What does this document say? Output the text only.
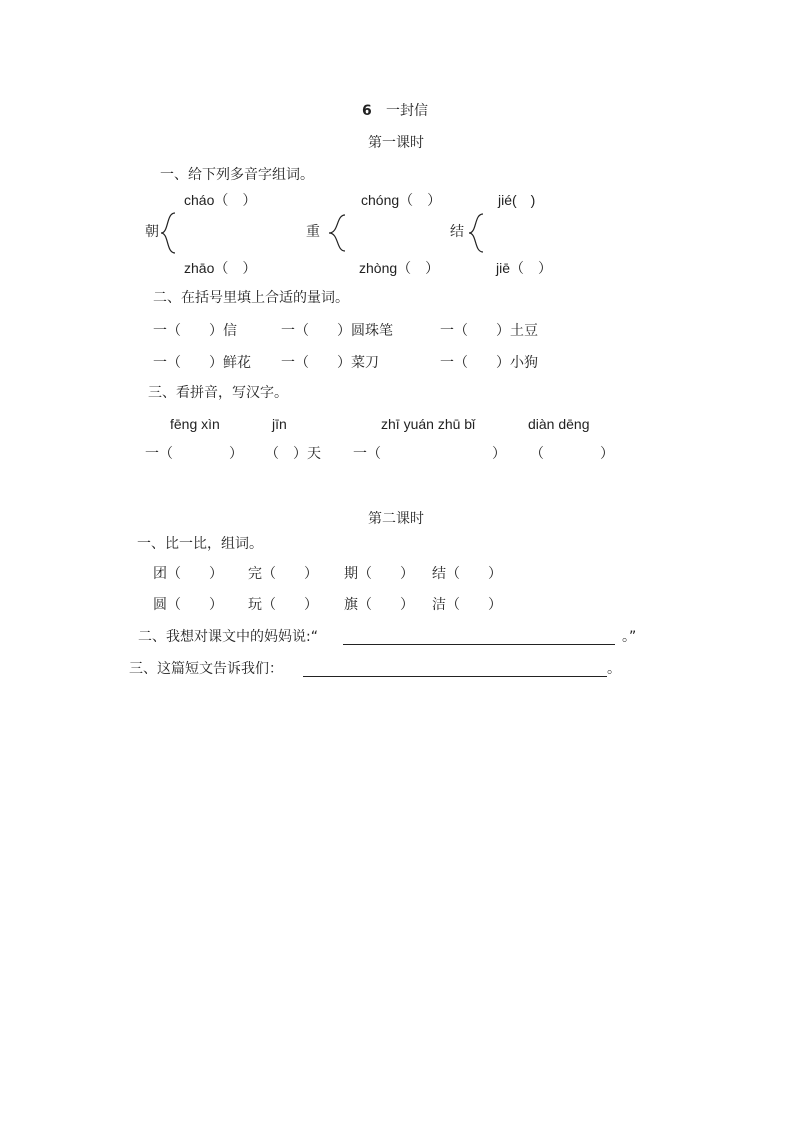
6 一封信
第一课时
一、给下列多音字组词。
cháo（　）
朝
zhāo（　）
chóng（　）
重
zhòng（　）
jié(　)
结
jiē（　）
二、在括号里填上合适的量词。
一（　　）信	一（　　）圆珠笔	一（　　）土豆
一（　　）鲜花 一（　　）菜刀	一（　　）小狗
三、看拼音，写汉字。
fēng xìn	jīn	zhī yuán zhū bǐ	diàn dēng
一（　　　　） （　）天 一（	） （　　　　）
第二课时
一、比一比，组词。
团（　　） 完（　　） 期（　　） 结（　　）
圆（　　） 玩（　　） 旗（　　） 洁（　　）
二、我想对课文中的妈妈说:“	。”
三、这篇短文告诉我们：	。
